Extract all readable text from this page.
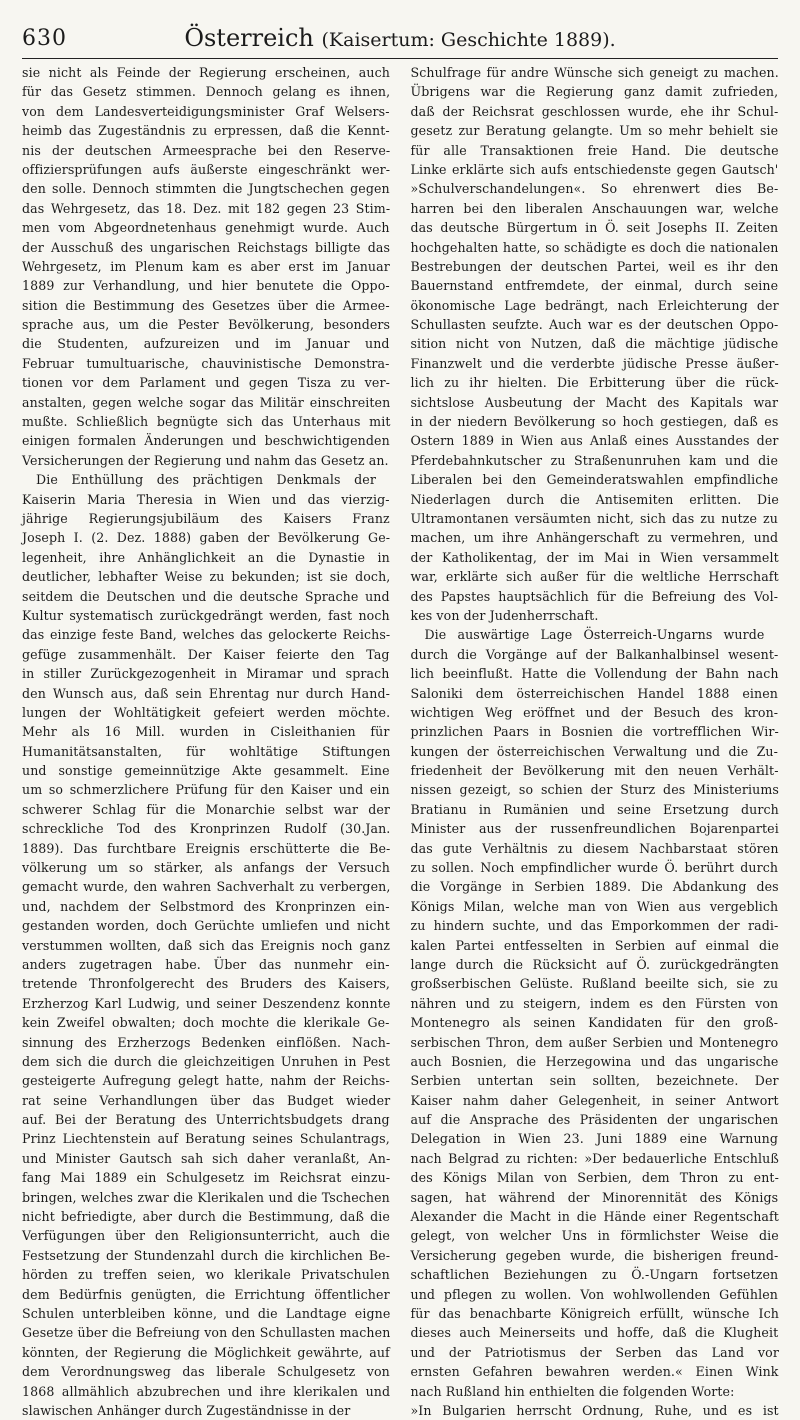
630	Österreich (Kaisertum: Geschichte 1889).
sie nicht als Feinde der Regierung erscheinen, auch
für das Gesetz stimmen. Dennoch gelang es ihnen,
von dem Landesverteidigungsminister Graf Welsers-
heimb das Zugeständnis zu erpressen, daß die Kennt-
nis der deutschen Armeesprache bei den Reserve-
offiziersprüfungen aufs äußerste eingeschränkt wer-
den solle. Dennoch stimmten die Jungtschechen gegen
das Wehrgesetz, das 18. Dez. mit 182 gegen 23 Stim-
men vom Abgeordnetenhaus genehmigt wurde. Auch
der Ausschuß des ungarischen Reichstags billigte das
Wehrgesetz, im Plenum kam es aber erst im Januar
1889 zur Verhandlung, und hier benutete die Oppo-
sition die Bestimmung des Gesetzes über die Armee-
sprache aus, um die Pester Bevölkerung, besonders
die Studenten, aufzureizen und im Januar und
Februar tumultuarische, chauvinistische Demonstra-
tionen vor dem Parlament und gegen Tisza zu ver-
anstalten, gegen welche sogar das Militär einschreiten
mußte. Schließlich begnügte sich das Unterhaus mit
einigen formalen Änderungen und beschwichtigenden
Versicherungen der Regierung und nahm das Gesetz an.
Die Enthüllung des prächtigen Denkmals der
Kaiserin Maria Theresia in Wien und das vierzig-
jährige Regierungsjubiläum des Kaisers Franz
Joseph I. (2. Dez. 1888) gaben der Bevölkerung Ge-
legenheit, ihre Anhänglichkeit an die Dynastie in
deutlicher, lebhafter Weise zu bekunden; ist sie doch,
seitdem die Deutschen und die deutsche Sprache und
Kultur systematisch zurückgedrängt werden, fast noch
das einzige feste Band, welches das gelockerte Reichs-
gefüge zusammenhält. Der Kaiser feierte den Tag
in stiller Zurückgezogenheit in Miramar und sprach
den Wunsch aus, daß sein Ehrentag nur durch Hand-
lungen der Wohltätigkeit gefeiert werden möchte.
Mehr als 16 Mill. wurden in Cisleithanien für
Humanitätsanstalten, für wohltätige Stiftungen
und sonstige gemeinnützige Akte gesammelt. Eine
um so schmerzlichere Prüfung für den Kaiser und ein
schwerer Schlag für die Monarchie selbst war der
schreckliche Tod des Kronprinzen Rudolf (30.Jan.
1889). Das furchtbare Ereignis erschütterte die Be-
völkerung um so stärker, als anfangs der Versuch
gemacht wurde, den wahren Sachverhalt zu verbergen,
und, nachdem der Selbstmord des Kronprinzen ein-
gestanden worden, doch Gerüchte umliefen und nicht
verstummen wollten, daß sich das Ereignis noch ganz
anders zugetragen habe. Über das nunmehr ein-
tretende Thronfolgerecht des Bruders des Kaisers,
Erzherzog Karl Ludwig, und seiner Deszendenz konnte
kein Zweifel obwalten; doch mochte die klerikale Ge-
sinnung des Erzherzogs Bedenken einflößen. Nach-
dem sich die durch die gleichzeitigen Unruhen in Pest
gesteigerte Aufregung gelegt hatte, nahm der Reichs-
rat seine Verhandlungen über das Budget wieder
auf. Bei der Beratung des Unterrichtsbudgets drang
Prinz Liechtenstein auf Beratung seines Schulantrags,
und Minister Gautsch sah sich daher veranlaßt, An-
fang Mai 1889 ein Schulgesetz im Reichsrat einzu-
bringen, welches zwar die Klerikalen und die Tschechen
nicht befriedigte, aber durch die Bestimmung, daß die
Verfügungen über den Religionsunterricht, auch die
Festsetzung der Stundenzahl durch die kirchlichen Be-
hörden zu treffen seien, wo klerikale Privatschulen
dem Bedürfnis genügten, die Errichtung öffentlicher
Schulen unterbleiben könne, und die Landtage eigne
Gesetze über die Befreiung von den Schullasten machen
könnten, der Regierung die Möglichkeit gewährte, auf
dem Verordnungsweg das liberale Schulgesetz von
1868 allmählich abzubrechen und ihre klerikalen und
slawischen Anhänger durch Zugeständnisse in der
Schulfrage für andre Wünsche sich geneigt zu machen.
Übrigens war die Regierung ganz damit zufrieden,
daß der Reichsrat geschlossen wurde, ehe ihr Schul-
gesetz zur Beratung gelangte. Um so mehr behielt sie
für alle Transaktionen freie Hand. Die deutsche
Linke erklärte sich aufs entschiedenste gegen Gautsch'
»Schulverschandelungen«. So ehrenwert dies Be-
harren bei den liberalen Anschauungen war, welche
das deutsche Bürgertum in Ö. seit Josephs II. Zeiten
hochgehalten hatte, so schädigte es doch die nationalen
Bestrebungen der deutschen Partei, weil es ihr den
Bauernstand entfremdete, der einmal, durch seine
ökonomische Lage bedrängt, nach Erleichterung der
Schullasten seufzte. Auch war es der deutschen Oppo-
sition nicht von Nutzen, daß die mächtige jüdische
Finanzwelt und die verderbte jüdische Presse äußer-
lich zu ihr hielten. Die Erbitterung über die rück-
sichtslose Ausbeutung der Macht des Kapitals war
in der niedern Bevölkerung so hoch gestiegen, daß es
Ostern 1889 in Wien aus Anlaß eines Ausstandes der
Pferdebahnkutscher zu Straßenunruhen kam und die
Liberalen bei den Gemeinderatswahlen empfindliche
Niederlagen durch die Antisemiten erlitten. Die
Ultramontanen versäumten nicht, sich das zu nutze zu
machen, um ihre Anhängerschaft zu vermehren, und
der Katholikentag, der im Mai in Wien versammelt
war, erklärte sich außer für die weltliche Herrschaft
des Papstes hauptsächlich für die Befreiung des Vol-
kes von der Judenherrschaft.
Die auswärtige Lage Österreich-Ungarns wurde
durch die Vorgänge auf der Balkanhalbinsel wesent-
lich beeinflußt. Hatte die Vollendung der Bahn nach
Saloniki dem österreichischen Handel 1888 einen
wichtigen Weg eröffnet und der Besuch des kron-
prinzlichen Paars in Bosnien die vortrefflichen Wir-
kungen der österreichischen Verwaltung und die Zu-
friedenheit der Bevölkerung mit den neuen Verhält-
nissen gezeigt, so schien der Sturz des Ministeriums
Bratianu in Rumänien und seine Ersetzung durch
Minister aus der russenfreundlichen Bojarenpartei
das gute Verhältnis zu diesem Nachbarstaat stören
zu sollen. Noch empfindlicher wurde Ö. berührt durch
die Vorgänge in Serbien 1889. Die Abdankung des
Königs Milan, welche man von Wien aus vergeblich
zu hindern suchte, und das Emporkommen der radi-
kalen Partei entfesselten in Serbien auf einmal die
lange durch die Rücksicht auf Ö. zurückgedrängten
großserbischen Gelüste. Rußland beeilte sich, sie zu
nähren und zu steigern, indem es den Fürsten von
Montenegro als seinen Kandidaten für den groß-
serbischen Thron, dem außer Serbien und Montenegro
auch Bosnien, die Herzegowina und das ungarische
Serbien untertan sein sollten, bezeichnete. Der
Kaiser nahm daher Gelegenheit, in seiner Antwort
auf die Ansprache des Präsidenten der ungarischen
Delegation in Wien 23. Juni 1889 eine Warnung
nach Belgrad zu richten: »Der bedauerliche Entschluß
des Königs Milan von Serbien, dem Thron zu ent-
sagen, hat während der Minorennität des Königs
Alexander die Macht in die Hände einer Regentschaft
gelegt, von welcher Uns in förmlichster Weise die
Versicherung gegeben wurde, die bisherigen freund-
schaftlichen Beziehungen zu Ö.-Ungarn fortsetzen
und pflegen zu wollen. Von wohlwollenden Gefühlen
für das benachbarte Königreich erfüllt, wünsche Ich
dieses auch Meinerseits und hoffe, daß die Klugheit
und der Patriotismus der Serben das Land vor
ernsten Gefahren bewahren werden.« Einen Wink
nach Rußland hin enthielten die folgenden Worte:
»In Bulgarien herrscht Ordnung, Ruhe, und es ist
